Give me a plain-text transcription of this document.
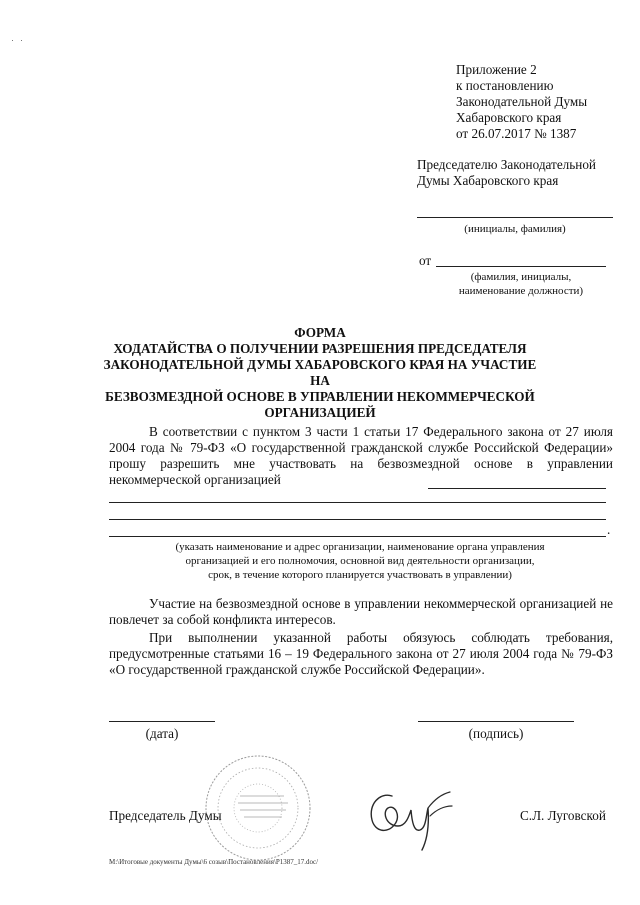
Приложение 2
к постановлению
Законодательной Думы
Хабаровского края
от 26.07.2017 № 1387
Председателю Законодательной
Думы Хабаровского края
(инициалы, фамилия)
от
(фамилия, инициалы,
наименование должности)
ФОРМА
ХОДАТАЙСТВА О ПОЛУЧЕНИИ РАЗРЕШЕНИЯ ПРЕДСЕДАТЕЛЯ
ЗАКОНОДАТЕЛЬНОЙ ДУМЫ ХАБАРОВСКОГО КРАЯ НА УЧАСТИЕ НА
БЕЗВОЗМЕЗДНОЙ ОСНОВЕ В УПРАВЛЕНИИ НЕКОММЕРЧЕСКОЙ
ОРГАНИЗАЦИЕЙ
В соответствии с пунктом 3 части 1 статьи 17 Федерального закона от 27 июля 2004 года № 79-ФЗ «О государственной гражданской службе Российской Федерации» прошу разрешить мне участвовать на безвозмездной основе в управлении некоммерческой организацией
.
(указать наименование и адрес организации, наименование органа управления
организацией и его полномочия, основной вид деятельности организации,
срок, в течение которого планируется участвовать в управлении)
Участие на безвозмездной основе в управлении некоммерческой организацией не повлечет за собой конфликта интересов.
При выполнении указанной работы обязуюсь соблюдать требования, предусмотренные статьями 16 – 19 Федерального закона от 27 июля 2004 года № 79-ФЗ «О государственной гражданской службе Российской Федерации».
(дата)	(подпись)
Председатель Думы	С.Л. Луговской
M:\Итоговые документы Думы\6 созыв\Постановления\P1387_17.doc/
